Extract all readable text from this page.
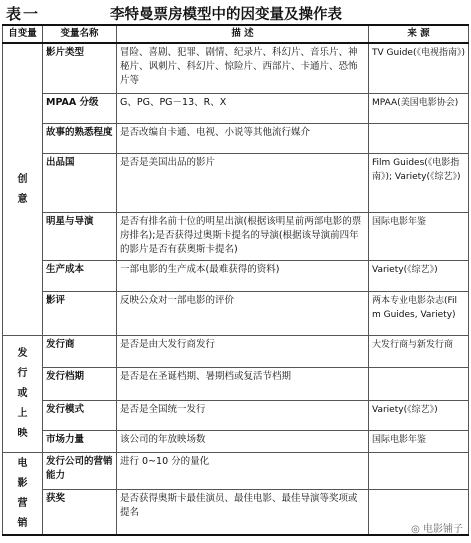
表一	李特曼票房模型中的因变量及操作表
自变量	变量名称	描 述	来 源
创意	影片类型	冒险、喜剧、犯罪、剧情、纪录片、科幻片、音乐片、神秘片、讽刺片、科幻片、惊险片、西部片、卡通片、恐怖片等	TV Guide(《电视指南》)
	MPAA 分级	G、PG、PG－13、R、X	MPAA(美国电影协会)
	故事的熟悉程度	是否改编自卡通、电视、小说等其他流行媒介	
	出品国	是否是美国出品的影片	Film Guides(《电影指南》); Variety(《综艺》)
	明星与导演	是否有排名前十位的明星出演(根据该明星前两部电影的票房排名);是否获得过奥斯卡提名的导演(根据该导演前四年的影片是否有获奥斯卡提名)	国际电影年鉴
	生产成本	一部电影的生产成本(最难获得的资料)	Variety(《综艺》)
	影评	反映公众对一部电影的评价	两本专业电影杂志(Film Guides, Variety)
发行或上映	发行商	是否是由大发行商发行	大发行商与新发行商
	发行档期	是否是在圣诞档期、暑期档或复活节档期	
	发行模式	是否是全国统一发行	Variety(《综艺》)
	市场力量	该公司的年放映场数	国际电影年鉴
电影营销	发行公司的营销能力	进行 0~10 分的量化	
	获奖	是否获得奥斯卡最佳演员、最佳电影、最佳导演等奖项或提名	
◎ 电影铺子
